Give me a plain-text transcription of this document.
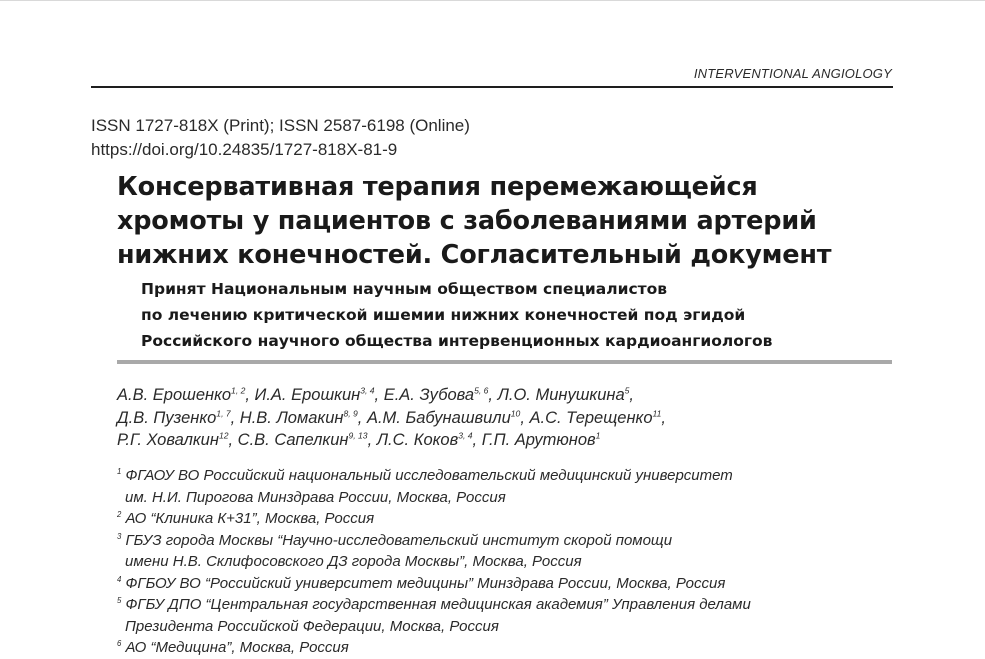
INTERVENTIONAL ANGIOLOGY
ISSN 1727-818X (Print); ISSN 2587-6198 (Online)
https://doi.org/10.24835/1727-818X-81-9
Консервативная терапия перемежающейся
хромоты у пациентов с заболеваниями артерий
нижних конечностей. Согласительный документ
Принят Национальным научным обществом специалистов
по лечению критической ишемии нижних конечностей под эгидой
Российского научного общества интервенционных кардиоангиологов
А.В. Ерошенко$^{1, 2}$, И.А. Ерошкин$^{3, 4}$, Е.А. Зубова$^{5, 6}$, Л.О. Минушкина$^5$,
Д.В. Пузенко$^{1, 7}$, Н.В. Ломакин$^{8, 9}$, А.М. Бабунашвили$^{10}$, А.С. Терещенко$^{11}$,
Р.Г. Ховалкин$^{12}$, С.В. Сапелкин$^{9, 13}$, Л.С. Коков$^{3, 4}$, Г.П. Арутюнов$^1$
$^1$ ФГАОУ ВО Российский национальный исследовательский медицинский университет
им. Н.И. Пирогова Минздрава России, Москва, Россия
$^2$ АО “Клиника К+31”, Москва, Россия
$^3$ ГБУЗ города Москвы “Научно-исследовательский институт скорой помощи
имени Н.В. Склифосовского ДЗ города Москвы”, Москва, Россия
$^4$ ФГБОУ ВО “Российский университет медицины” Минздрава России, Москва, Россия
$^5$ ФГБУ ДПО “Центральная государственная медицинская академия” Управления делами
Президента Российской Федерации, Москва, Россия
$^6$ АО “Медицина”, Москва, Россия
